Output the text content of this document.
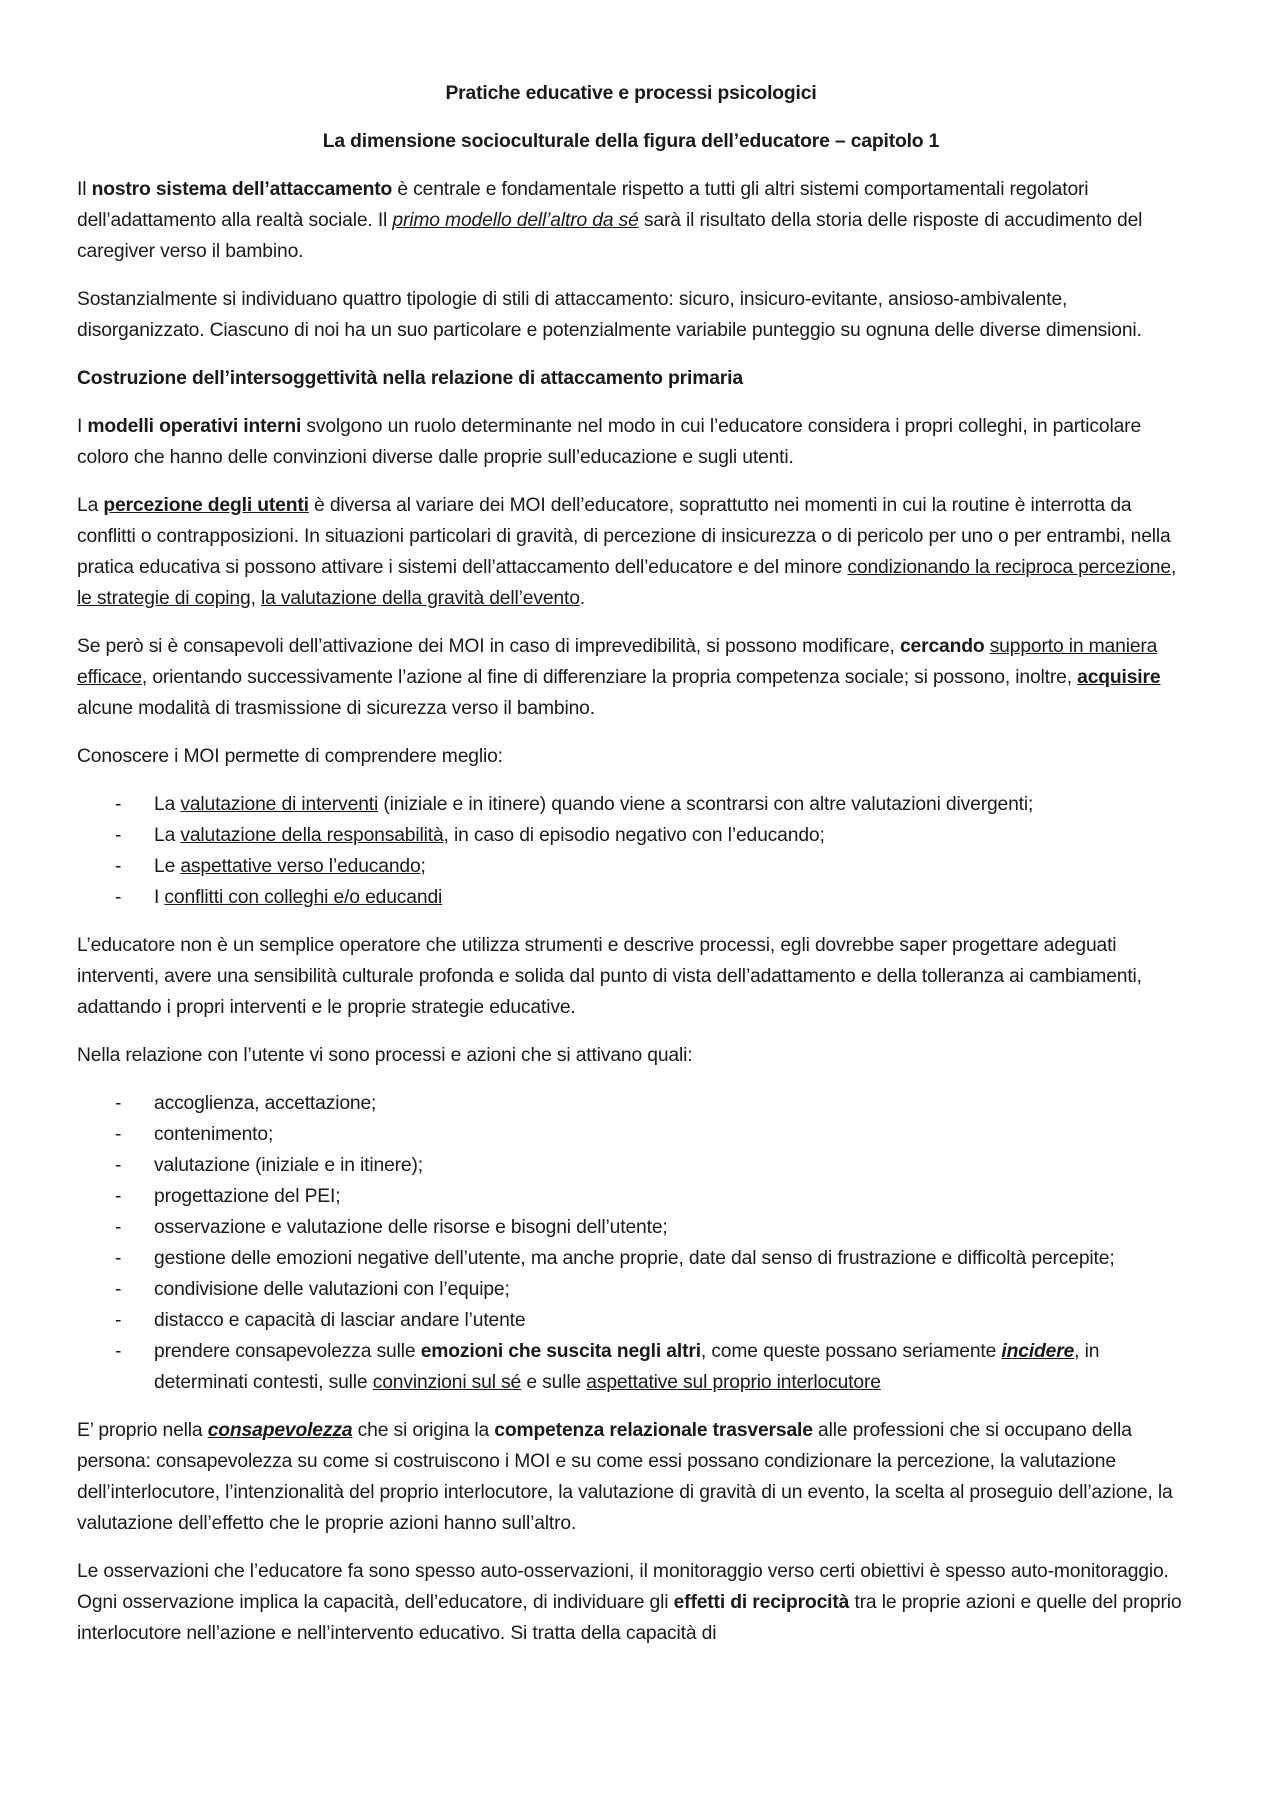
Pratiche educative e processi psicologici
La dimensione socioculturale della figura dell’educatore – capitolo 1

Il nostro sistema dell’attaccamento è centrale e fondamentale rispetto a tutti gli altri sistemi comportamentali regolatori dell’adattamento alla realtà sociale. Il primo modello dell’altro da sé sarà il risultato della storia delle risposte di accudimento del caregiver verso il bambino.

Sostanzialmente si individuano quattro tipologie di stili di attaccamento: sicuro, insicuro-evitante, ansioso-ambivalente, disorganizzato. Ciascuno di noi ha un suo particolare e potenzialmente variabile punteggio su ognuna delle diverse dimensioni.

Costruzione dell’intersoggettività nella relazione di attaccamento primaria

I modelli operativi interni svolgono un ruolo determinante nel modo in cui l’educatore considera i propri colleghi, in particolare coloro che hanno delle convinzioni diverse dalle proprie sull’educazione e sugli utenti.

La percezione degli utenti è diversa al variare dei MOI dell’educatore, soprattutto nei momenti in cui la routine è interrotta da conflitti o contrapposizioni. In situazioni particolari di gravità, di percezione di insicurezza o di pericolo per uno o per entrambi, nella pratica educativa si possono attivare i sistemi dell’attaccamento dell’educatore e del minore condizionando la reciproca percezione, le strategie di coping, la valutazione della gravità dell’evento.

Se però si è consapevoli dell’attivazione dei MOI in caso di imprevedibilità, si possono modificare, cercando supporto in maniera efficace, orientando successivamente l’azione al fine di differenziare la propria competenza sociale; si possono, inoltre, acquisire alcune modalità di trasmissione di sicurezza verso il bambino.

Conoscere i MOI permette di comprendere meglio:

- La valutazione di interventi (iniziale e in itinere) quando viene a scontrarsi con altre valutazioni divergenti;
- La valutazione della responsabilità, in caso di episodio negativo con l’educando;
- Le aspettative verso l’educando;
- I conflitti con colleghi e/o educandi

L’educatore non è un semplice operatore che utilizza strumenti e descrive processi, egli dovrebbe saper progettare adeguati interventi, avere una sensibilità culturale profonda e solida dal punto di vista dell’adattamento e della tolleranza ai cambiamenti, adattando i propri interventi e le proprie strategie educative.

Nella relazione con l’utente vi sono processi e azioni che si attivano quali:

- accoglienza, accettazione;
- contenimento;
- valutazione (iniziale e in itinere);
- progettazione del PEI;
- osservazione e valutazione delle risorse e bisogni dell’utente;
- gestione delle emozioni negative dell’utente, ma anche proprie, date dal senso di frustrazione e difficoltà percepite;
- condivisione delle valutazioni con l’equipe;
- distacco e capacità di lasciar andare l’utente
- prendere consapevolezza sulle emozioni che suscita negli altri, come queste possano seriamente incidere, in determinati contesti, sulle convinzioni sul sé e sulle aspettative sul proprio interlocutore

E’ proprio nella consapevolezza che si origina la competenza relazionale trasversale alle professioni che si occupano della persona: consapevolezza su come si costruiscono i MOI e su come essi possano condizionare la percezione, la valutazione dell’interlocutore, l’intenzionalità del proprio interlocutore, la valutazione di gravità di un evento, la scelta al proseguio dell’azione, la valutazione dell’effetto che le proprie azioni hanno sull’altro.

Le osservazioni che l’educatore fa sono spesso auto-osservazioni, il monitoraggio verso certi obiettivi è spesso auto-monitoraggio. Ogni osservazione implica la capacità, dell’educatore, di individuare gli effetti di reciprocità tra le proprie azioni e quelle del proprio interlocutore nell’azione e nell’intervento educativo. Si tratta della capacità di
